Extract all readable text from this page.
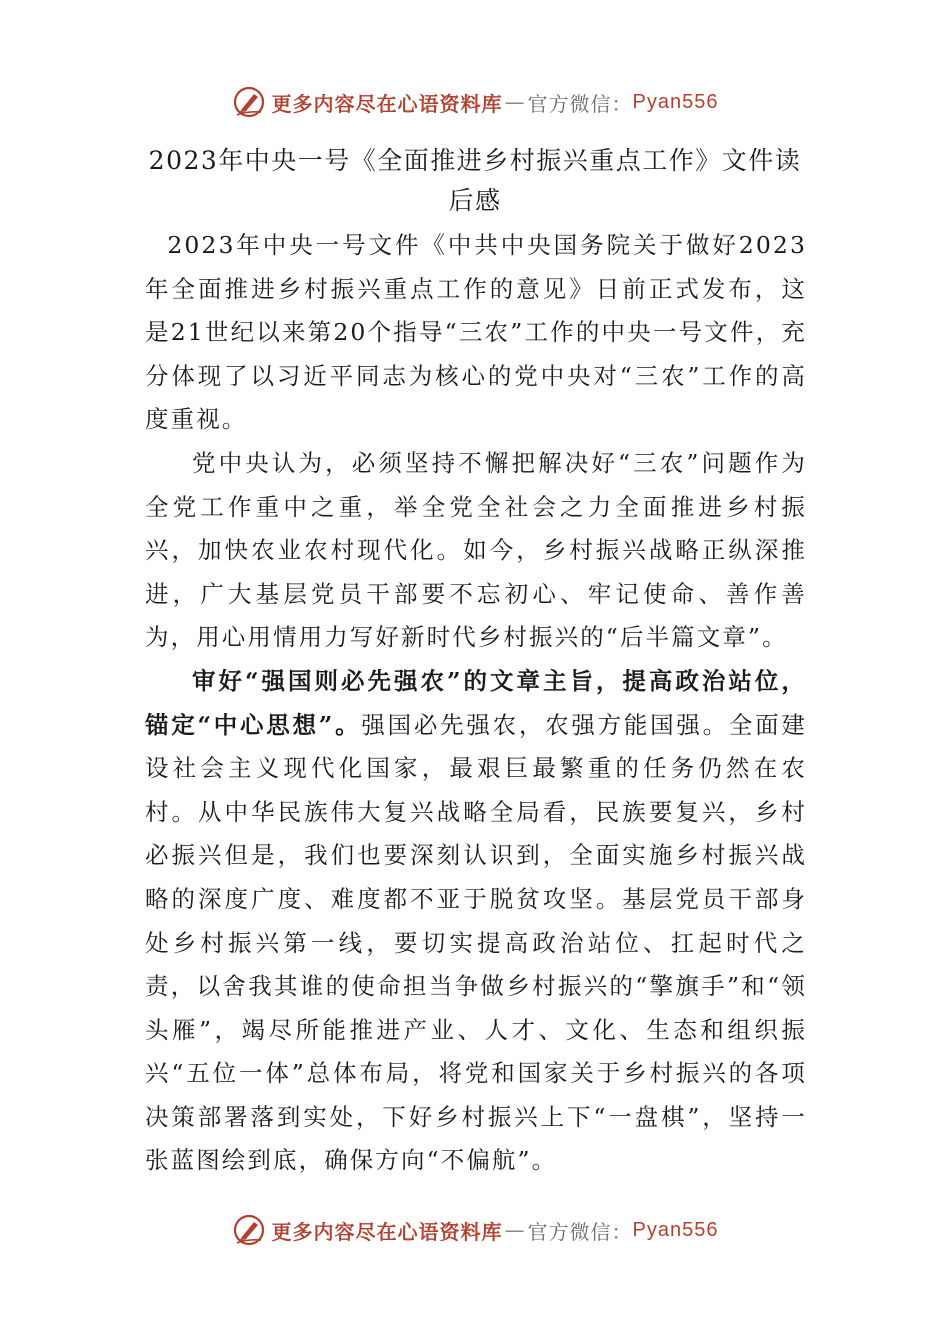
更多内容尽在心语资料库 — 官方微信： Pyan556
2023年中央一号《全面推进乡村振兴重点工作》文件读后感

2023年中央一号文件《中共中央国务院关于做好2023年全面推进乡村振兴重点工作的意见》日前正式发布，这是21世纪以来第20个指导“三农”工作的中央一号文件，充分体现了以习近平同志为核心的党中央对“三农”工作的高度重视。

党中央认为，必须坚持不懈把解决好“三农”问题作为全党工作重中之重，举全党全社会之力全面推进乡村振兴，加快农业农村现代化。如今，乡村振兴战略正纵深推进，广大基层党员干部要不忘初心、牢记使命、善作善为，用心用情用力写好新时代乡村振兴的“后半篇文章”。

审好“强国则必先强农”的文章主旨，提高政治站位，锚定“中心思想”。强国必先强农，农强方能国强。全面建设社会主义现代化国家，最艰巨最繁重的任务仍然在农村。从中华民族伟大复兴战略全局看，民族要复兴，乡村必振兴但是，我们也要深刻认识到，全面实施乡村振兴战略的深度广度、难度都不亚于脱贫攻坚。基层党员干部身处乡村振兴第一线，要切实提高政治站位、扛起时代之责，以舍我其谁的使命担当争做乡村振兴的“擎旗手”和“领头雁”，竭尽所能推进产业、人才、文化、生态和组织振兴“五位一体”总体布局，将党和国家关于乡村振兴的各项决策部署落到实处，下好乡村振兴上下“一盘棋”，坚持一张蓝图绘到底，确保方向“不偏航”。

更多内容尽在心语资料库 — 官方微信： Pyan556
